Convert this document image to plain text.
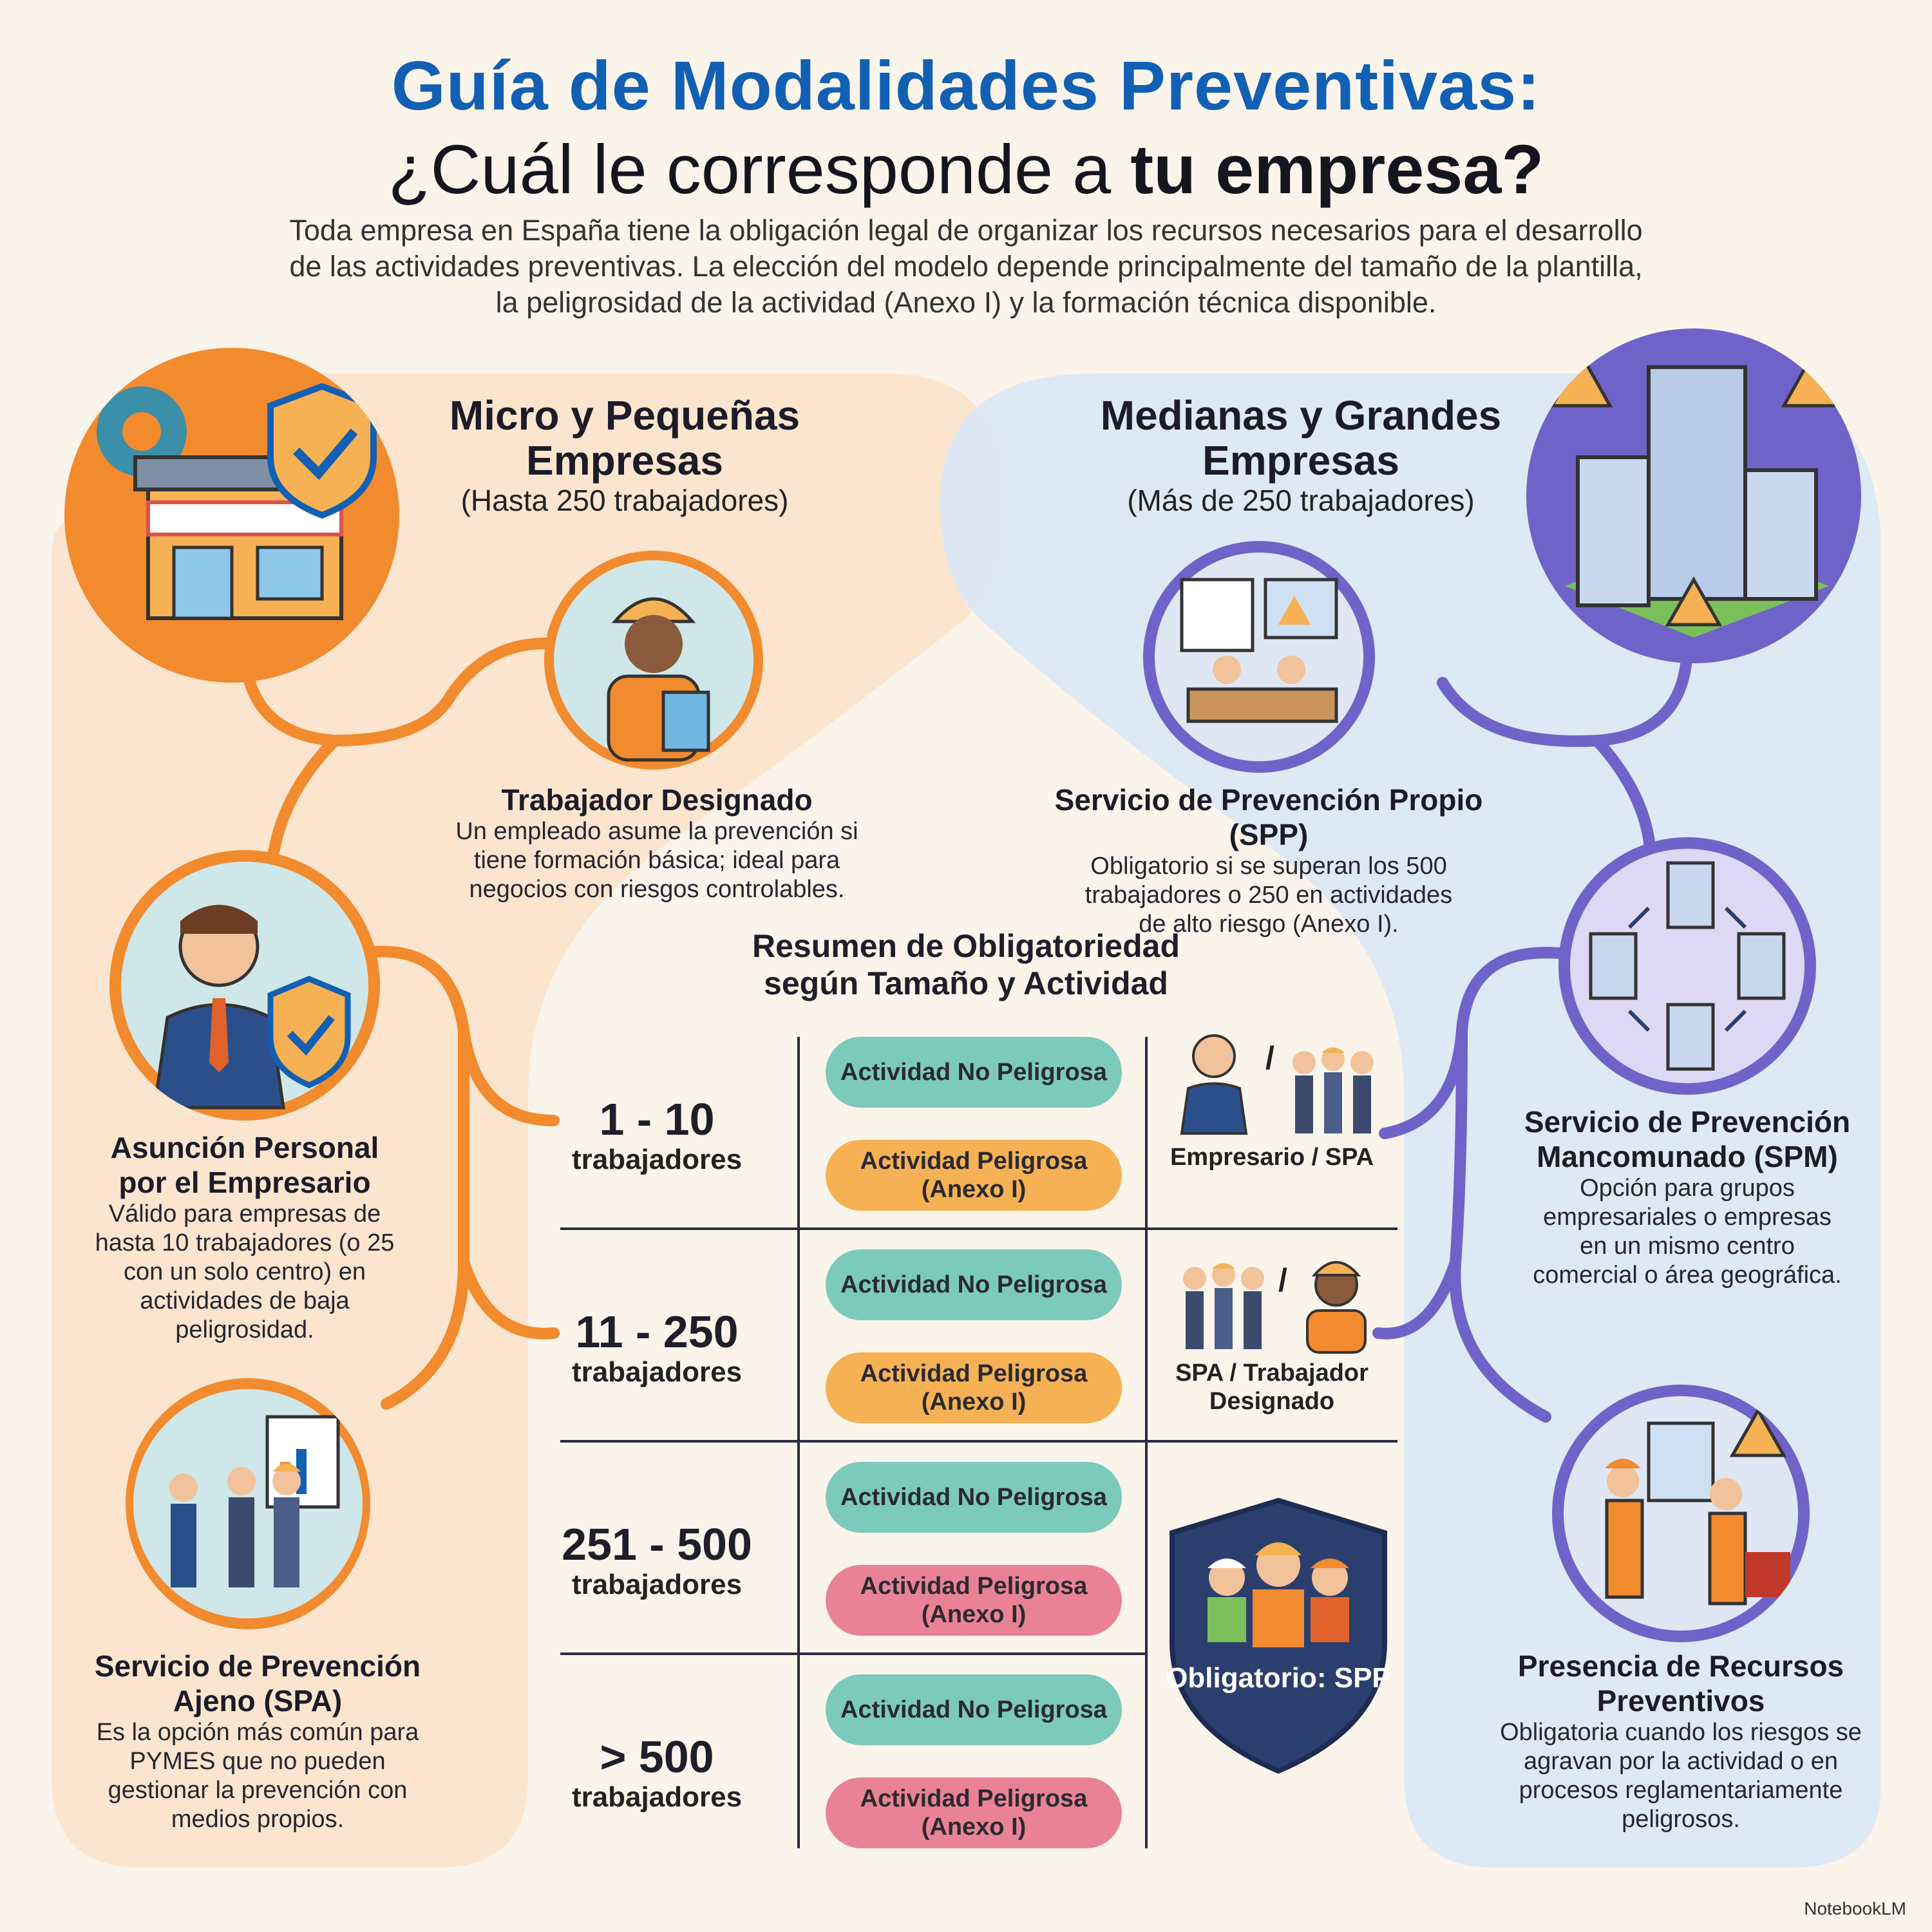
Guía de Modalidades Preventivas:
¿Cuál le corresponde a tu empresa?
Toda empresa en España tiene la obligación legal de organizar los recursos necesarios para el desarrollo de las actividades preventivas. La elección del modelo depende principalmente del tamaño de la plantilla, la peligrosidad de la actividad (Anexo I) y la formación técnica disponible.
Micro y Pequeñas Empresas
(Hasta 250 trabajadores)
Medianas y Grandes Empresas
(Más de 250 trabajadores)
Trabajador Designado
Un empleado asume la prevención si tiene formación básica; ideal para negocios con riesgos controlables.
Asunción Personal por el Empresario
Válido para empresas de hasta 10 trabajadores (o 25 con un solo centro) en actividades de baja peligrosidad.
Servicio de Prevención Ajeno (SPA)
Es la opción más común para PYMES que no pueden gestionar la prevención con medios propios.
Servicio de Prevención Propio (SPP)
Obligatorio si se superan los 500 trabajadores o 250 en actividades de alto riesgo (Anexo I).
Servicio de Prevención Mancomunado (SPM)
Opción para grupos empresariales o empresas en un mismo centro comercial o área geográfica.
Presencia de Recursos Preventivos
Obligatoria cuando los riesgos se agravan por la actividad o en procesos reglamentariamente peligrosos.
Resumen de Obligatoriedad según Tamaño y Actividad
1 - 10
trabajadores
Actividad No Peligrosa
Actividad Peligrosa (Anexo I)
11 - 250
trabajadores
Actividad No Peligrosa
Actividad Peligrosa (Anexo I)
251 - 500
trabajadores
Actividad No Peligrosa
Actividad Peligrosa (Anexo I)
> 500
trabajadores
Actividad No Peligrosa
Actividad Peligrosa (Anexo I)
/
Empresario / SPA
/
SPA / Trabajador Designado
Obligatorio: SPP
NotebookLM
